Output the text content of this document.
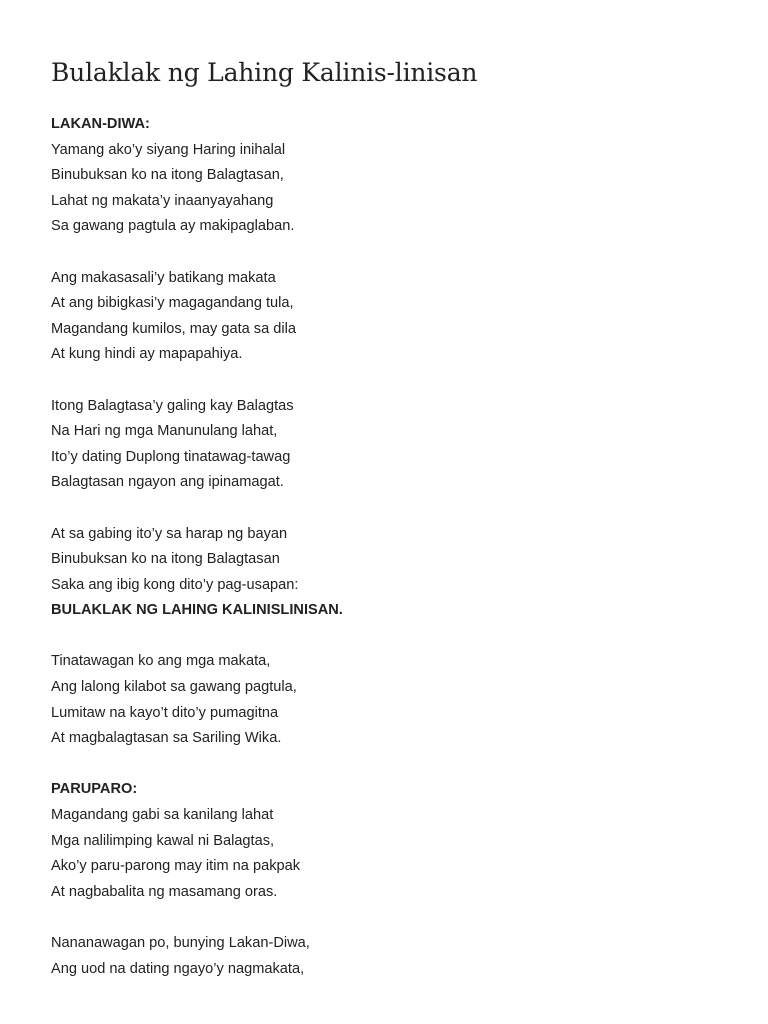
Bulaklak ng Lahing Kalinis-linisan
LAKAN-DIWA:
Yamang ako’y siyang Haring inihalal
Binubuksan ko na itong Balagtasan,
Lahat ng makata’y inaanyayahang
Sa gawang pagtula ay makipaglaban.
Ang makasasali’y batikang makata
At ang bibigkasi’y magagandang tula,
Magandang kumilos, may gata sa dila
At kung hindi ay mapapahiya.
Itong Balagtasa’y galing kay Balagtas
Na Hari ng mga Manunulang lahat,
Ito’y dating Duplong tinatawag-tawag
Balagtasan ngayon ang ipinamagat.
At sa gabing ito’y sa harap ng bayan
Binubuksan ko na itong Balagtasan
Saka ang ibig kong dito’y pag-usapan:
BULAKLAK NG LAHING KALINISLINISAN.
Tinatawagan ko ang mga makata,
Ang lalong kilabot sa gawang pagtula,
Lumitaw na kayo’t dito’y pumagitna
At magbalagtasan sa Sariling Wika.
PARUPARO:
Magandang gabi sa kanilang lahat
Mga nalilimping kawal ni Balagtas,
Ako’y paru-parong may itim na pakpak
At nagbabalita ng masamang oras.
Nananawagan po, bunying Lakan-Diwa,
Ang uod na dating ngayo’y nagmakata,
